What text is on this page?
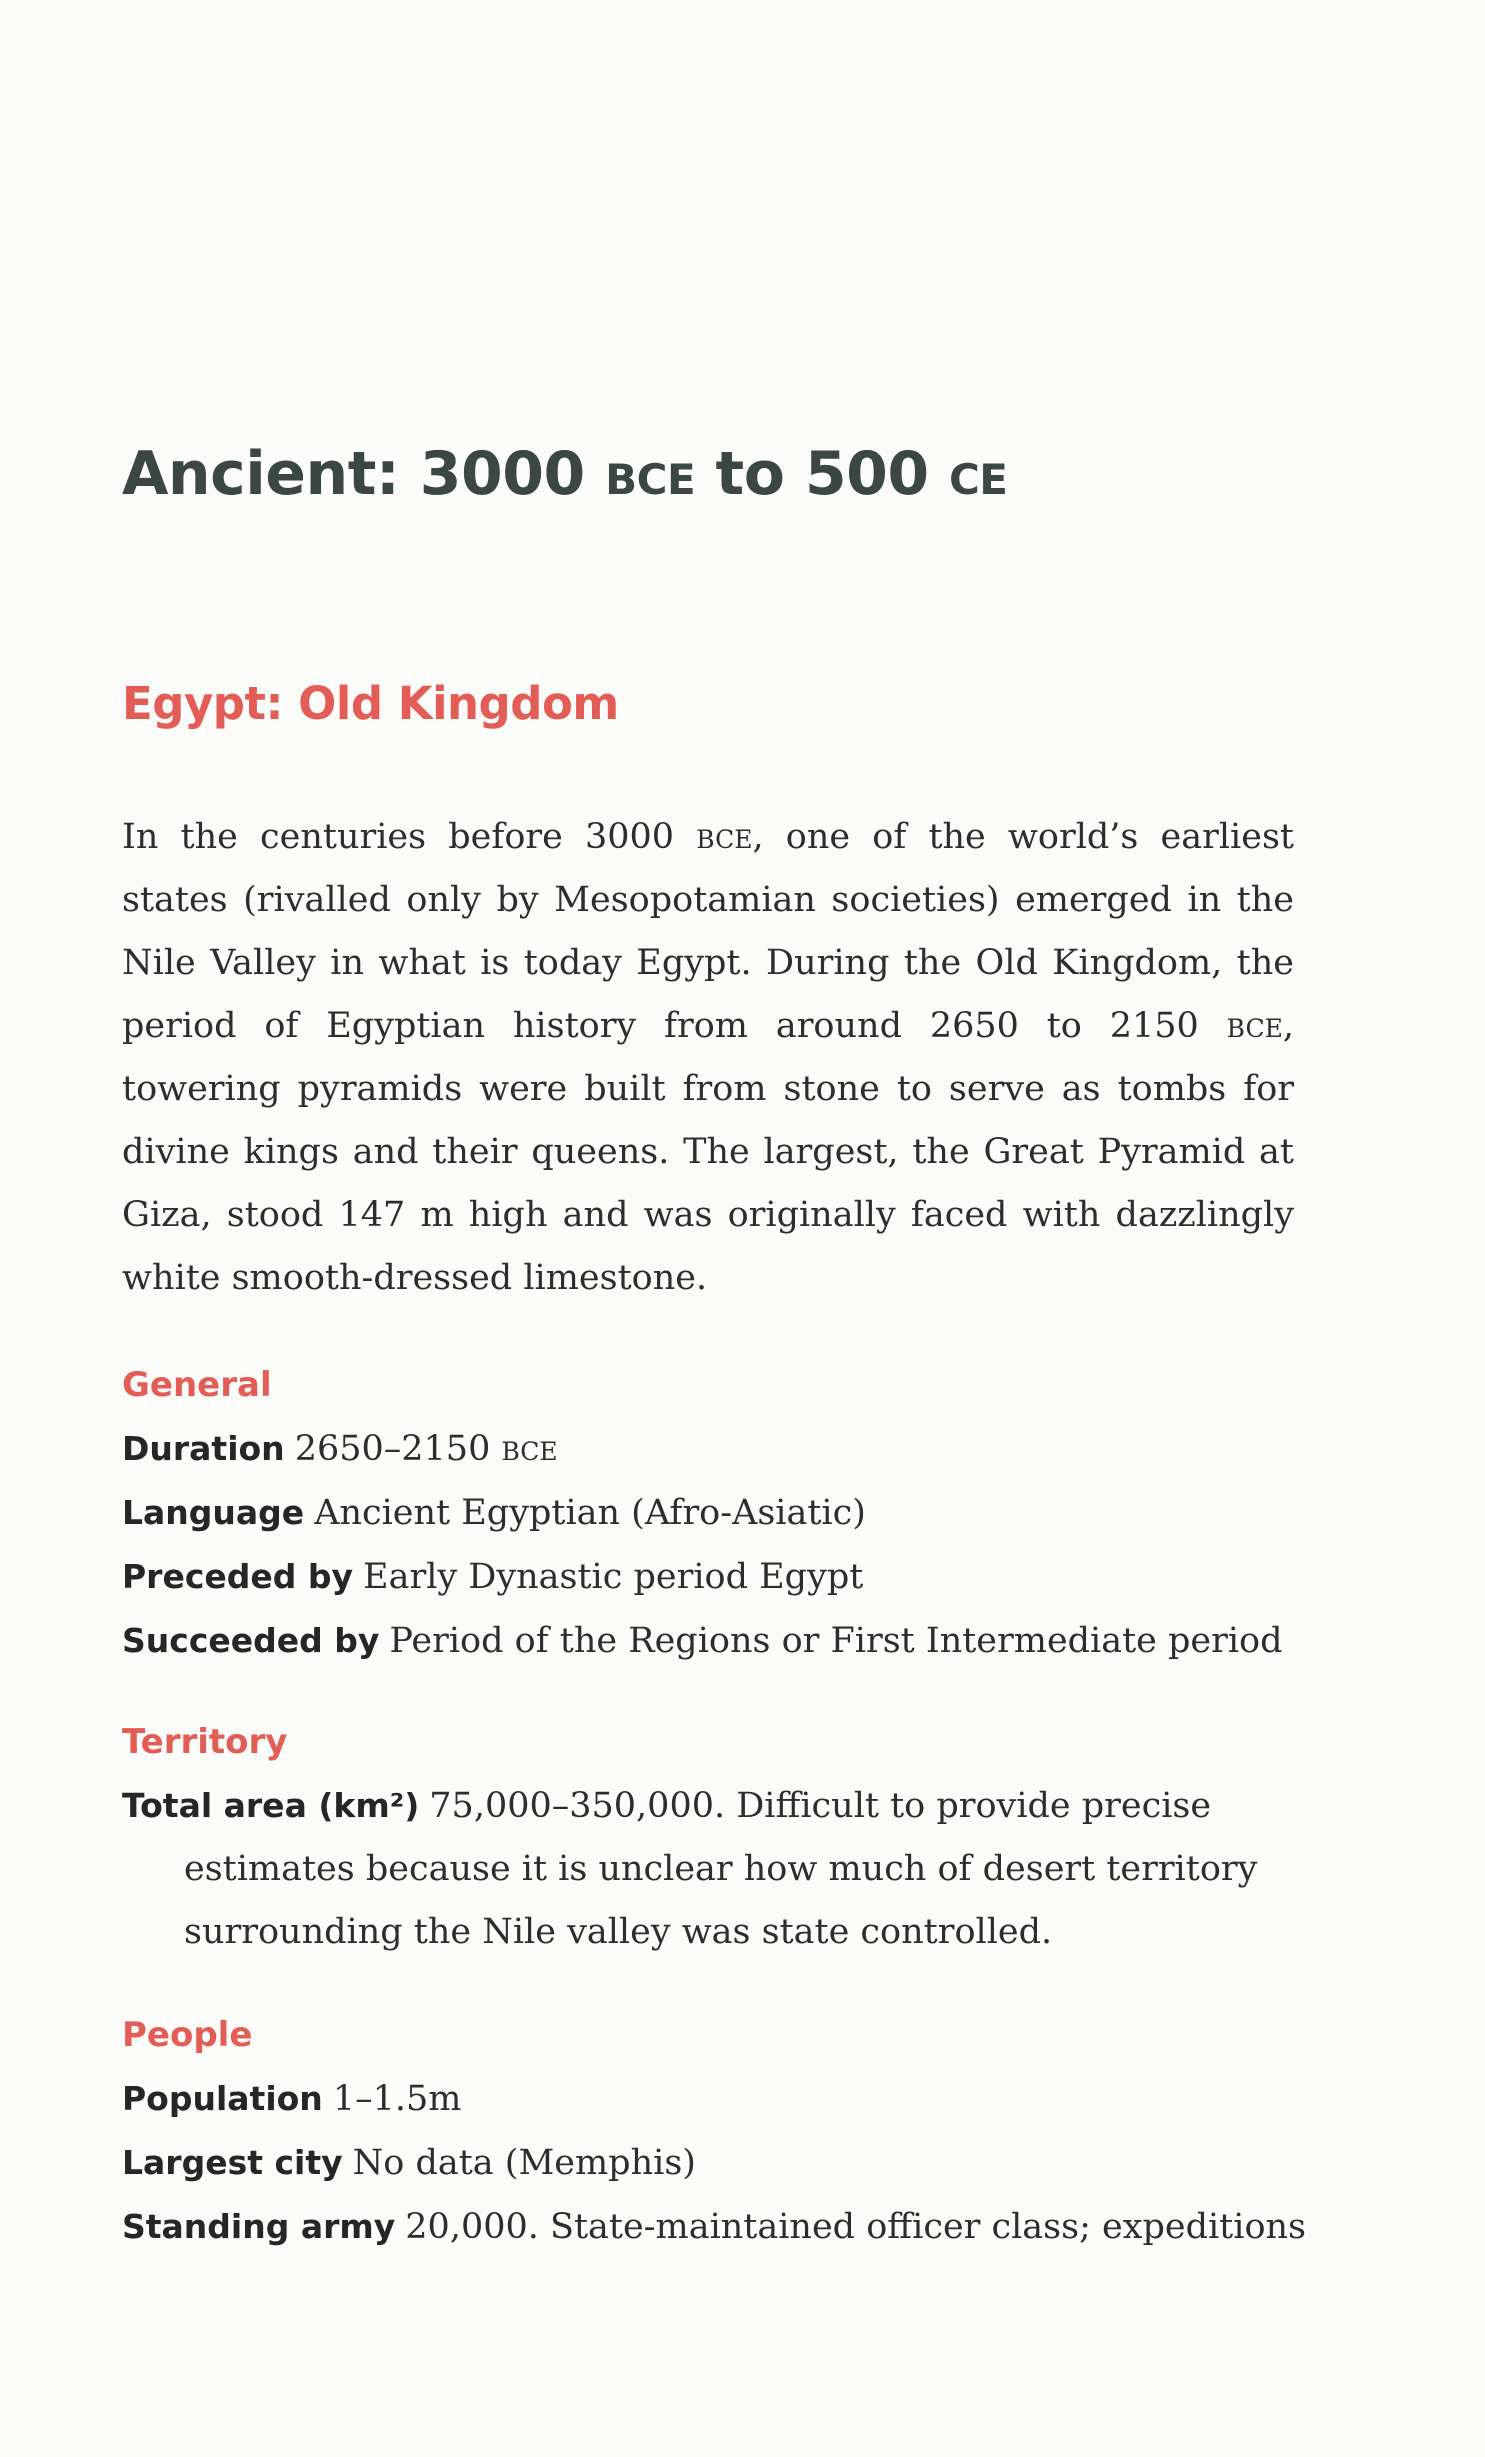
Ancient: 3000 bce to 500 ce
Egypt: Old Kingdom

In the centuries before 3000 bce, one of the world’s earliest states (rivalled only by Mesopotamian societies) emerged in the Nile Valley in what is today Egypt. During the Old Kingdom, the period of Egyptian history from around 2650 to 2150 bce, towering pyramids were built from stone to serve as tombs for divine kings and their queens. The largest, the Great Pyramid at Giza, stood 147 m high and was originally faced with dazzlingly white smooth-dressed limestone.

General
Duration 2650–2150 bce
Language Ancient Egyptian (Afro-Asiatic)
Preceded by Early Dynastic period Egypt
Succeeded by Period of the Regions or First Intermediate period
Territory
Total area (km²) 75,000–350,000. Difficult to provide precise estimates because it is unclear how much of desert territory surrounding the Nile valley was state controlled.
People
Population 1–1.5m
Largest city No data (Memphis)
Standing army 20,000. State-maintained officer class; expeditions
